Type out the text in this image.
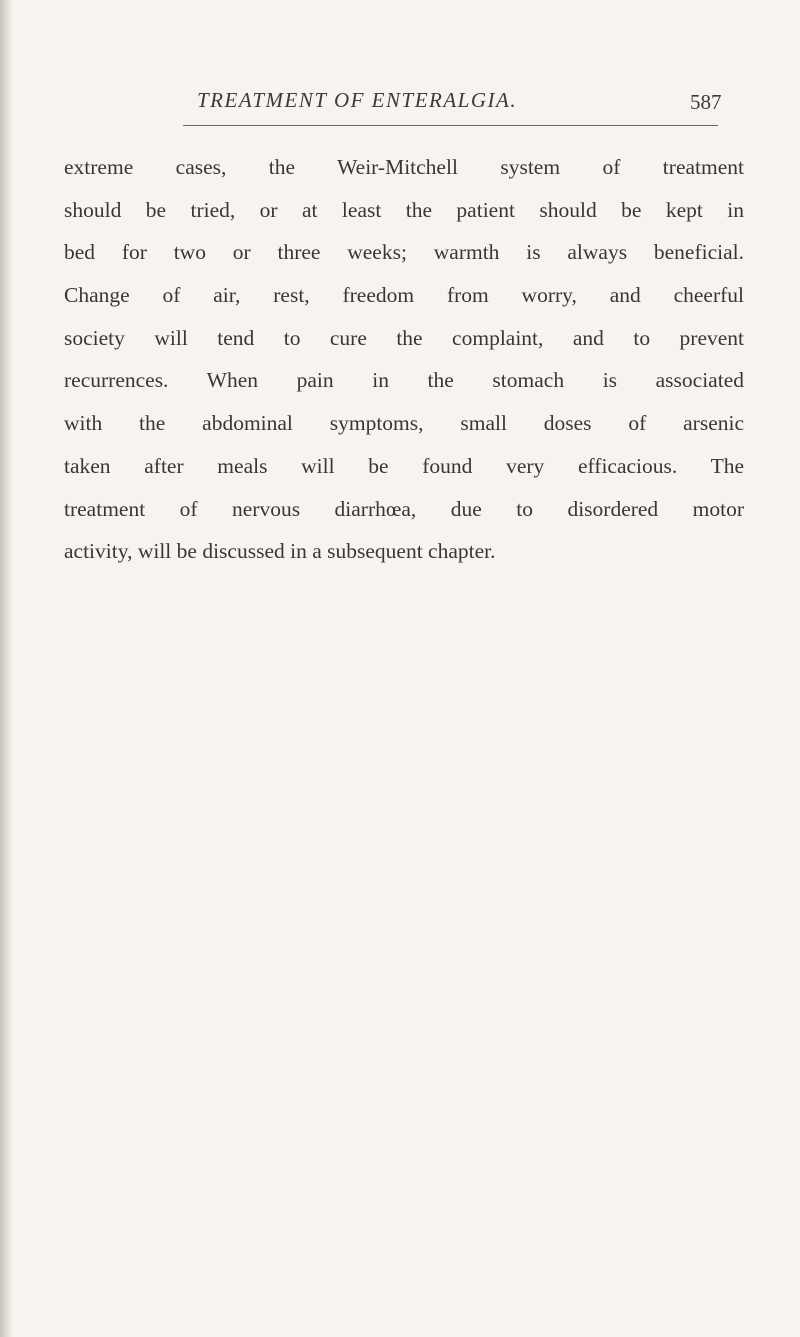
TREATMENT OF ENTERALGIA.	587
extreme cases, the Weir-Mitchell system of treatment
should be tried, or at least the patient should be kept in
bed for two or three weeks; warmth is always beneficial.
Change of air, rest, freedom from worry, and cheerful
society will tend to cure the complaint, and to prevent
recurrences. When pain in the stomach is associated
with the abdominal symptoms, small doses of arsenic
taken after meals will be found very efficacious. The
treatment of nervous diarrhœa, due to disordered motor
activity, will be discussed in a subsequent chapter.
